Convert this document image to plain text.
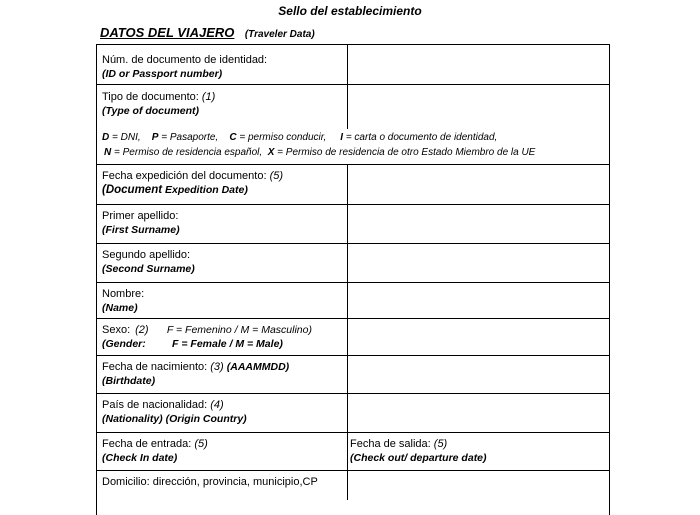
Sello del establecimiento
DATOS DEL VIAJERO (Traveler Data)
Núm. de documento de identidad:
(ID or Passport number)
Tipo de documento: (1)
(Type of document)
D = DNI, P = Pasaporte, C = permiso conducir, I = carta o documento de identidad,
N = Permiso de residencia español, X = Permiso de residencia de otro Estado Miembro de la UE
Fecha expedición del documento: (5)
(Document Expedition Date)
Primer apellido:
(First Surname)
Segundo apellido:
(Second Surname)
Nombre:
(Name)
Sexo: (2) F = Femenino / M = Masculino)
(Gender:	F = Female / M = Male)
Fecha de nacimiento: (3) (AAAMMDD)
(Birthdate)
País de nacionalidad: (4)
(Nationality) (Origin Country)
Fecha de entrada: (5)
(Check In date)
Fecha de salida: (5)
(Check out/ departure date)
Domicilio: dirección, provincia, municipio,CP
